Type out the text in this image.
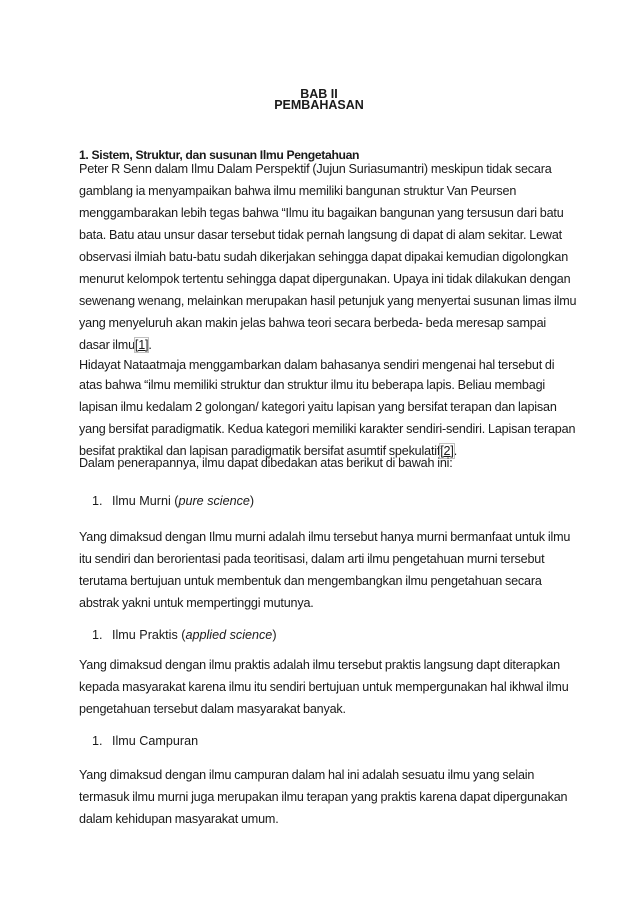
BAB II

PEMBAHASAN

1. Sistem, Struktur, dan susunan Ilmu Pengetahuan

Peter R Senn dalam Ilmu Dalam Perspektif (Jujun Suriasumantri) meskipun tidak secara
gamblang ia menyampaikan bahwa ilmu memiliki bangunan struktur Van Peursen
menggambarakan lebih tegas bahwa “Ilmu itu bagaikan bangunan yang tersusun dari batu
bata. Batu atau unsur dasar tersebut tidak pernah langsung di dapat di alam sekitar. Lewat
observasi ilmiah batu-batu sudah dikerjakan sehingga dapat dipakai kemudian digolongkan
menurut kelompok tertentu sehingga dapat dipergunakan. Upaya ini tidak dilakukan dengan
sewenang wenang, melainkan merupakan hasil petunjuk yang menyertai susunan limas ilmu
yang menyeluruh akan makin jelas bahwa teori secara berbeda- beda meresap sampai
dasar ilmu[1].
Hidayat Nataatmaja menggambarkan dalam bahasanya sendiri mengenai hal tersebut di
atas bahwa “ilmu memiliki struktur dan struktur ilmu itu beberapa lapis. Beliau membagi
lapisan ilmu kedalam 2 golongan/ kategori yaitu lapisan yang bersifat terapan dan lapisan
yang bersifat paradigmatik. Kedua kategori memiliki karakter sendiri-sendiri. Lapisan terapan
besifat praktikal dan lapisan paradigmatik bersifat asumtif spekulatif[2].
Dalam penerapannya, ilmu dapat dibedakan atas berikut di bawah ini:

1. Ilmu Murni (pure science)

Yang dimaksud dengan Ilmu murni adalah ilmu tersebut hanya murni bermanfaat untuk ilmu
itu sendiri dan berorientasi pada teoritisasi, dalam arti ilmu pengetahuan murni tersebut
terutama bertujuan untuk membentuk dan mengembangkan ilmu pengetahuan secara
abstrak yakni untuk mempertinggi mutunya.

1. Ilmu Praktis (applied science)

Yang dimaksud dengan ilmu praktis adalah ilmu tersebut praktis langsung dapt diterapkan
kepada masyarakat karena ilmu itu sendiri bertujuan untuk mempergunakan hal ikhwal ilmu
pengetahuan tersebut dalam masyarakat banyak.

1. Ilmu Campuran

Yang dimaksud dengan ilmu campuran dalam hal ini adalah sesuatu ilmu yang selain
termasuk ilmu murni juga merupakan ilmu terapan yang praktis karena dapat dipergunakan
dalam kehidupan masyarakat umum.
